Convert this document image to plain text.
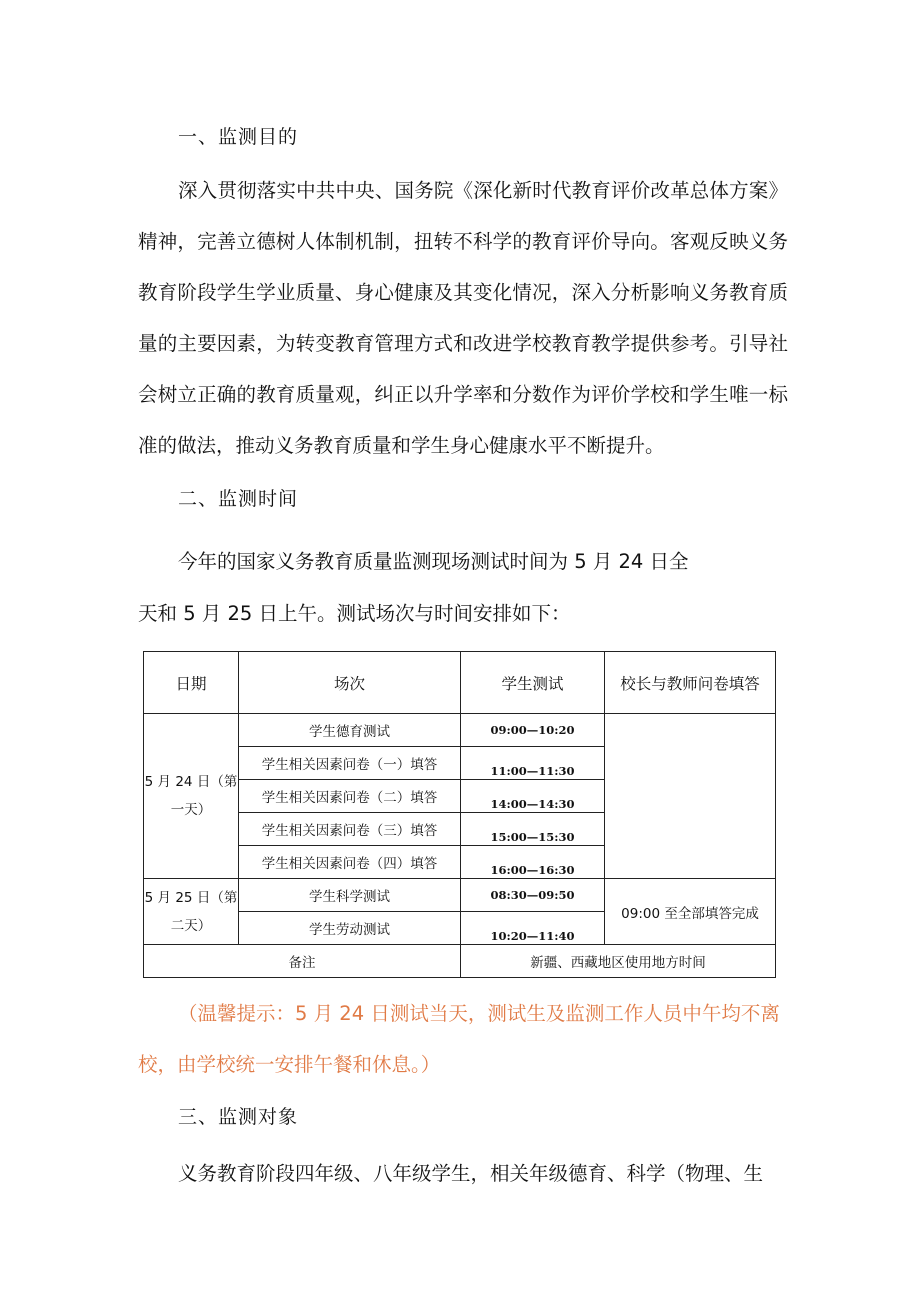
一、监测目的

深入贯彻落实中共中央、国务院《深化新时代教育评价改革总体方案》精神，完善立德树人体制机制，扭转不科学的教育评价导向。客观反映义务教育阶段学生学业质量、身心健康及其变化情况，深入分析影响义务教育质量的主要因素，为转变教育管理方式和改进学校教育教学提供参考。引导社会树立正确的教育质量观，纠正以升学率和分数作为评价学校和学生唯一标准的做法，推动义务教育质量和学生身心健康水平不断提升。

二、监测时间
今年的国家义务教育质量监测现场测试时间为 5 月 24 日全
天和 5 月 25 日上午。测试场次与时间安排如下：
日期	场次	学生测试	校长与教师问卷填答

5 月 24 日（第
一天）	学生德育测试	09:00—10:20	
	学生相关因素问卷（一）填答	11:00—11:30	
	学生相关因素问卷（二）填答	14:00—14:30	
	学生相关因素问卷（三）填答	15:00—15:30	
	学生相关因素问卷（四）填答	16:00—16:30	

5 月 25 日（第
二天）	学生科学测试	08:30—09:50	09:00 至全部填答完成
	学生劳动测试	10:20—11:40	
备注		新疆、西藏地区使用地方时间	

（温馨提示：5 月 24 日测试当天，测试生及监测工作人员中午均不离校，由学校统一安排午餐和休息。）

三、监测对象
义务教育阶段四年级、八年级学生，相关年级德育、科学（物理、生
